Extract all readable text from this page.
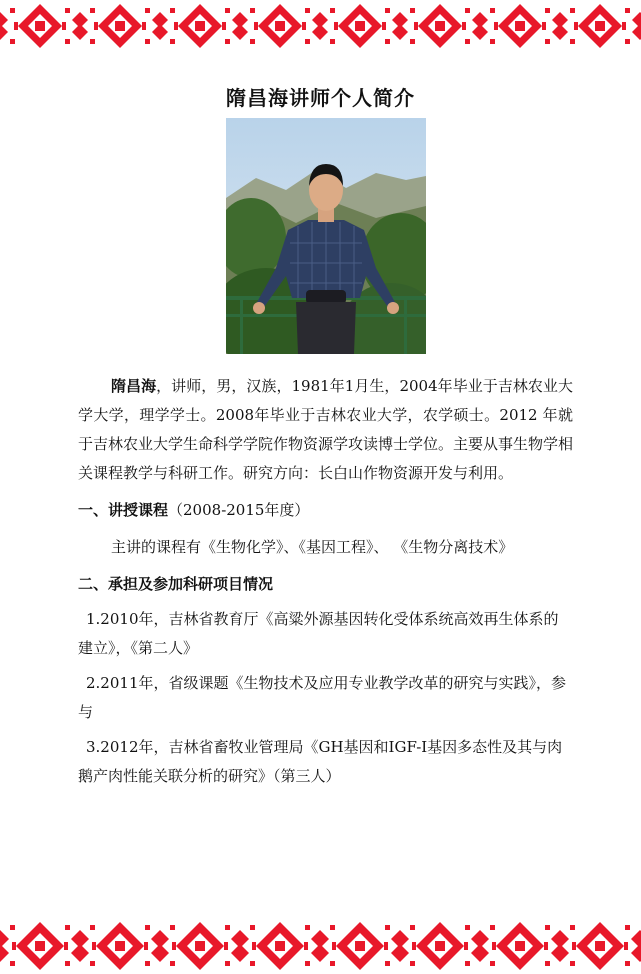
隋昌海讲师个人简介

隋昌海，讲师，男，汉族，1981年1月生，2004年毕业于吉林农业大学大学，理学学士。2008年毕业于吉林农业大学，农学硕士。2012 年就于吉林农业大学生命科学学院作物资源学攻读博士学位。主要从事生物学相关课程教学与科研工作。研究方向：长白山作物资源开发与利用。

一、讲授课程（2008-2015年度）

主讲的课程有《生物化学》、《基因工程》、 《生物分离技术》

二、承担及参加科研项目情况

1.2010年，吉林省教育厅《高粱外源基因转化受体系统高效再生体系的建立》，《第二人》

2.2011年，省级课题《生物技术及应用专业教学改革的研究与实践》，参与

3.2012年，吉林省畜牧业管理局《GH基因和IGF-I基因多态性及其与肉鹅产肉性能关联分析的研究》（第三人）
